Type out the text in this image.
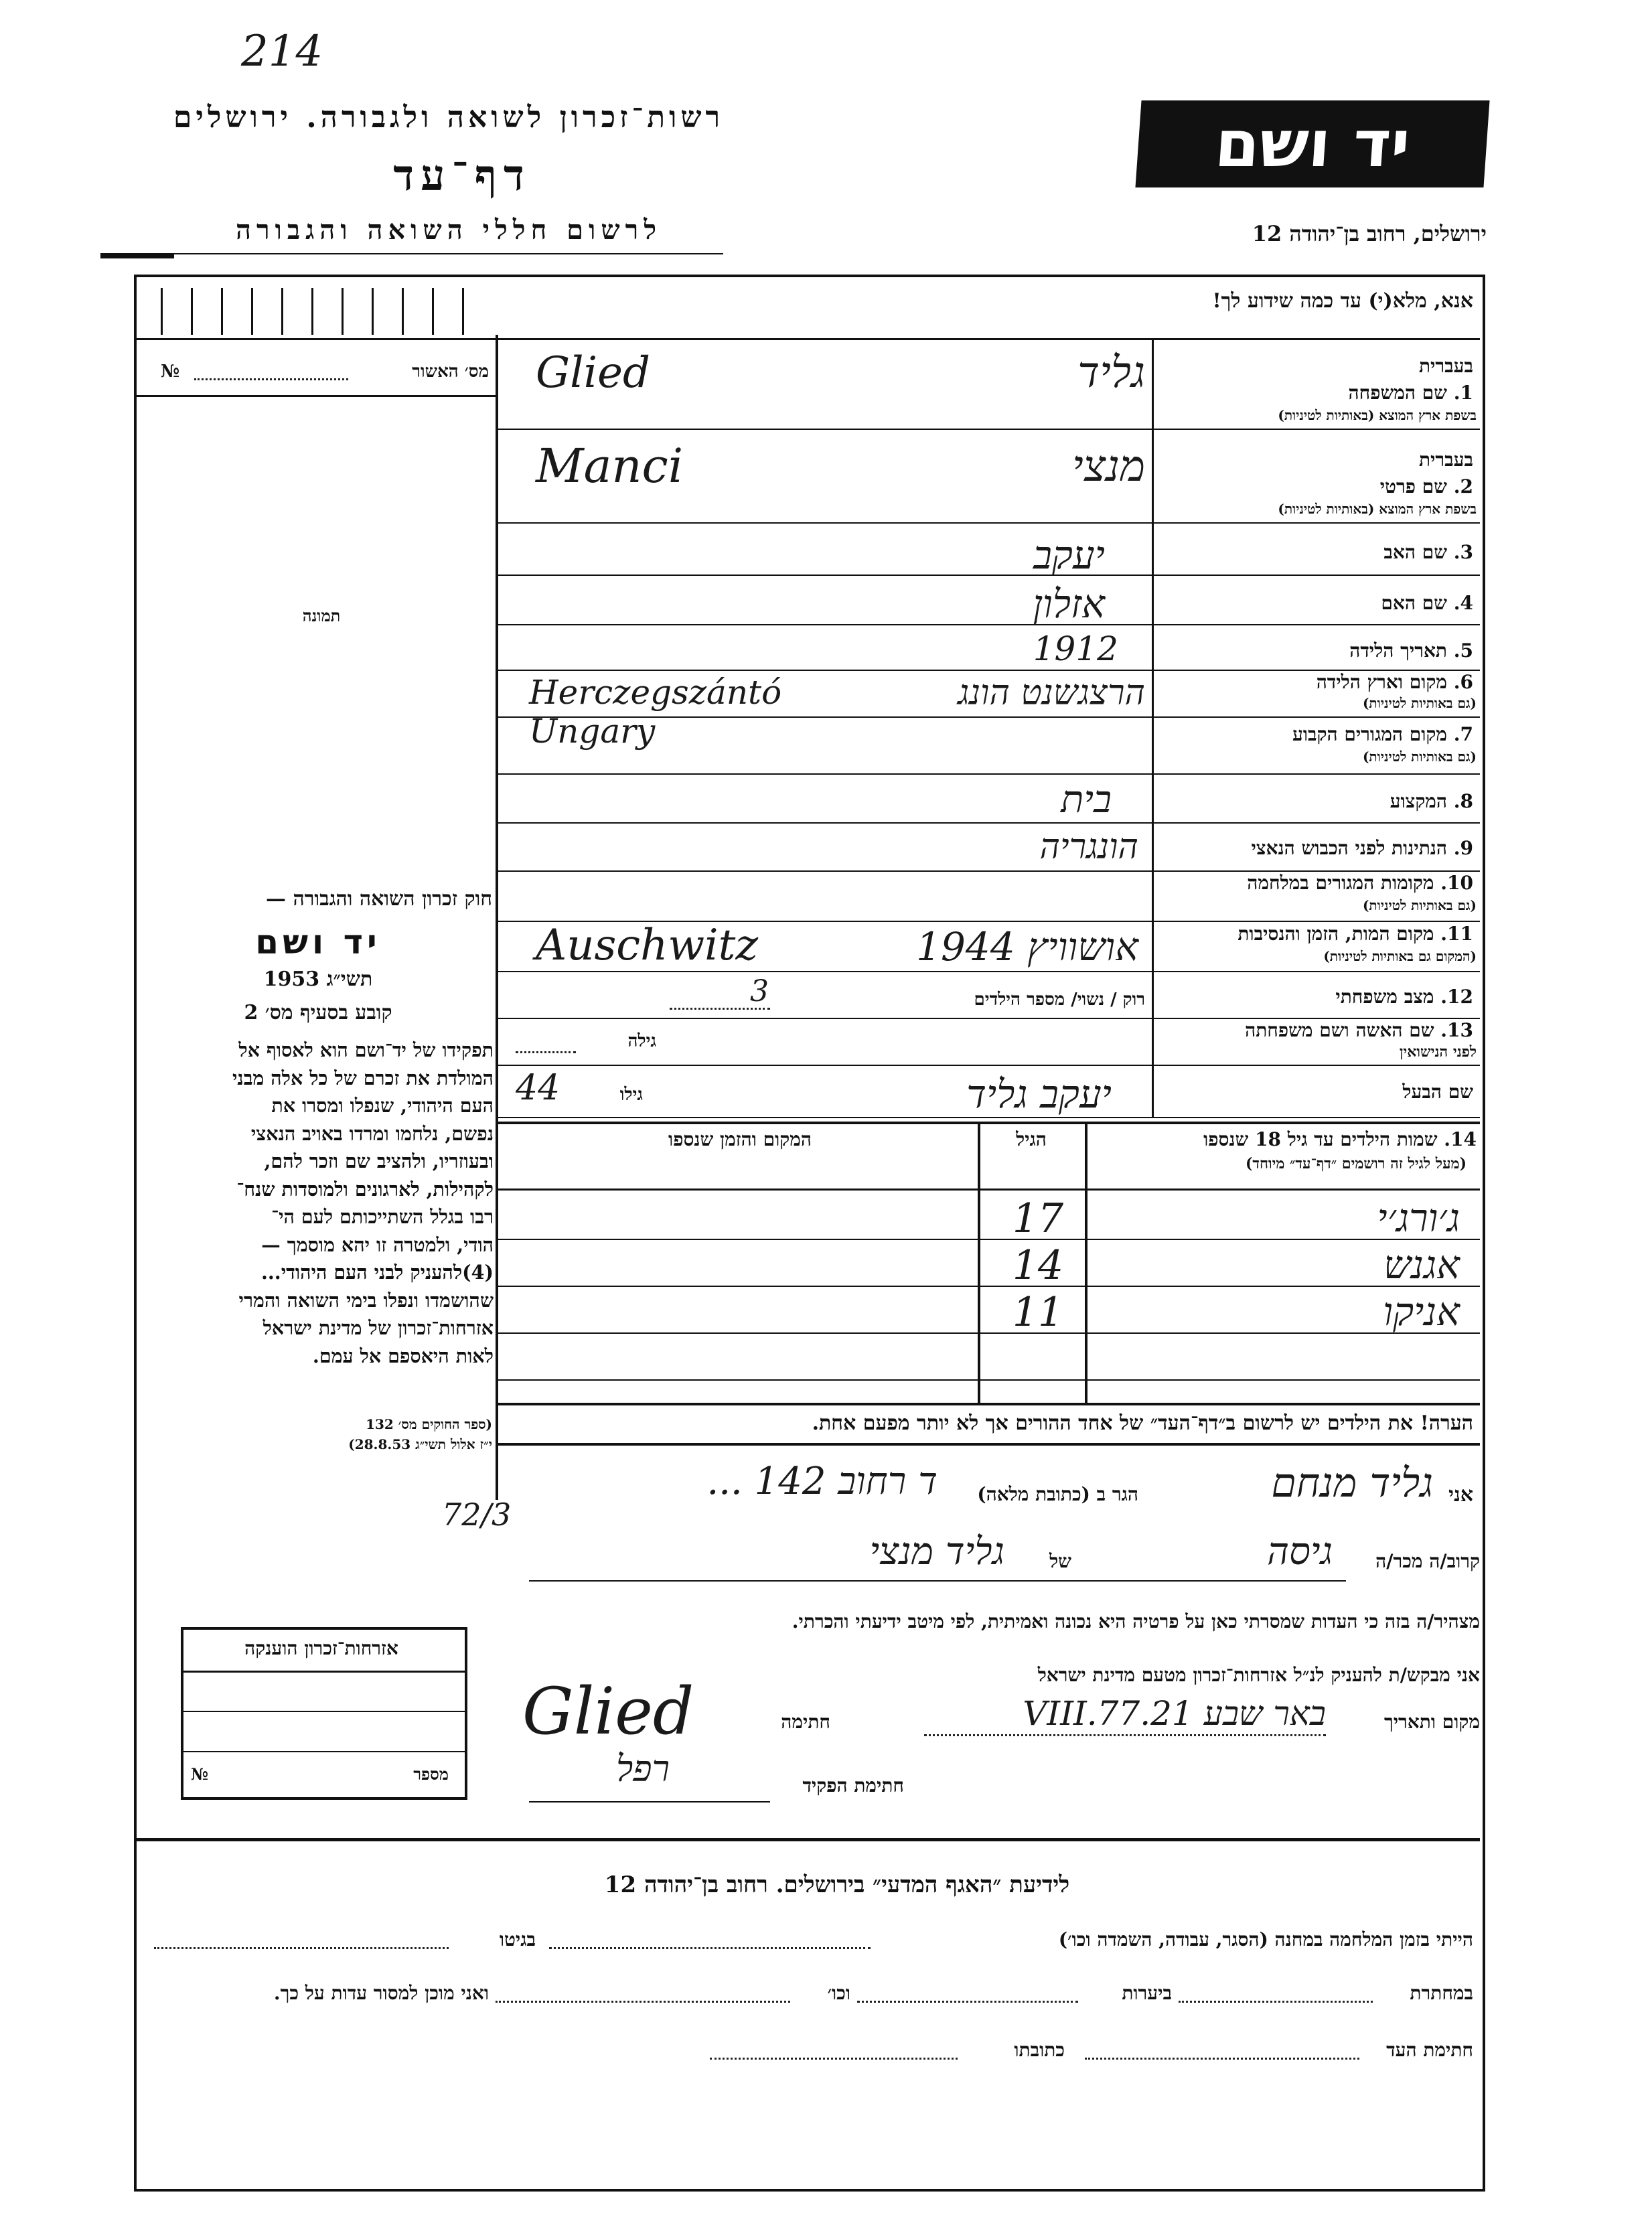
214
יד ושם
רשות־זכרון לשואה ולגבורה. ירושלים
דף־עד
לרשום חללי השואה והגבורה	ירושלים, רחוב בן־יהודה 12
אנא, מלא(י) עד כמה שידוע לך!
מס׳ האשור
№
תמונה
חוק זכרון השואה והגבורה —
יד ושם
תשי״ג 1953
קובע בסעיף מס׳ 2
תפקידו של יד־ושם הוא לאסוף אל
המולדת את זכרם של כל אלה מבני
העם היהודי, שנפלו ומסרו את
נפשם, נלחמו ומרדו באויב הנאצי
ובעוזריו, ולהציב שם וזכר להם,
לקהילות, לארגונים ולמוסדות שנח־
רבו בגלל השתייכותם לעם הי־
הודי, ולמטרה זו יהא מוסמך —
(4)להעניק לבני העם היהודי...
שהושמדו ונפלו בימי השואה והמרי
אזרחות־זכרון של מדינת ישראל
לאות היאספם אל עמם.
(ספר החוקים מס׳ 132
י״ז אלול תשי״ג 28.8.53)
בעברית
1. שם המשפחה
בשפת ארץ המוצא (באותיות לטיניות)
בעברית
2. שם פרטי
בשפת ארץ המוצא (באותיות לטיניות)
3. שם האב
4. שם האם
5. תאריך הלידה
6. מקום וארץ הלידה
(גם באותיות לטיניות)
7. מקום המגורים הקבוע
(גם באותיות לטיניות)
8. המקצוע
9. הנתינות לפני הכבוש הנאצי
10. מקומות המגורים במלחמה
(גם באותיות לטיניות)
11. מקום המות, הזמן והנסיבות
(המקום גם באותיות לטיניות)
12. מצב משפחתי
13. שם האשה ושם משפחתה
לפני הנישואין
שם הבעל
גליד
Glied
מנצי
Manci
יעקב
אזלון
1912
הרצגשנט הונג
Herczegszántó Ungary
בית
הונגריה
אושוויץ 1944
Auschwitz
רוק / נשוי/ מספר הילדים
3
גילה
יעקב גליד
גילו
44
14. שמות הילדים עד גיל 18 שנספו
(מעל לגיל זה רושמים ״דף־עד״ מיוחד)
הגיל
המקום והזמן שנספו
ג׳ורג׳י
17
אגנש
14
אניקו
11
הערה! את הילדים יש לרשום ב״דף־העד״ של אחד ההורים אך לא יותר מפעם אחת.
אני
גליד מנחם
הגר ב (כתובת מלאה)
ד רחוב 142 ...
72/3
קרוב/ה מכר/ה
גיסה
של
גליד מנצי
מצהיר/ה בזה כי העדות שמסרתי כאן על פרטיה היא נכונה ואמיתית, לפי מיטב ידיעתי והכרתי.
אני מבקש/ת להעניק לנ״ל אזרחות־זכרון מטעם מדינת ישראל
מקום ותאריך
באר שבע 21.VIII.77
חתימה
Glied
חתימת הפקיד
רפל
אזרחות־זכרון הוענקה
מספר
№
לידיעת ״האגף המדעי״ בירושלים. רחוב בן־יהודה 12
הייתי בזמן המלחמה במחנה (הסגר, עבודה, השמדה וכו׳)
בגיטו
במחתרת
ביערות
וכו׳
ואני מוכן למסור עדות על כך.
חתימת העד
כתובתו
